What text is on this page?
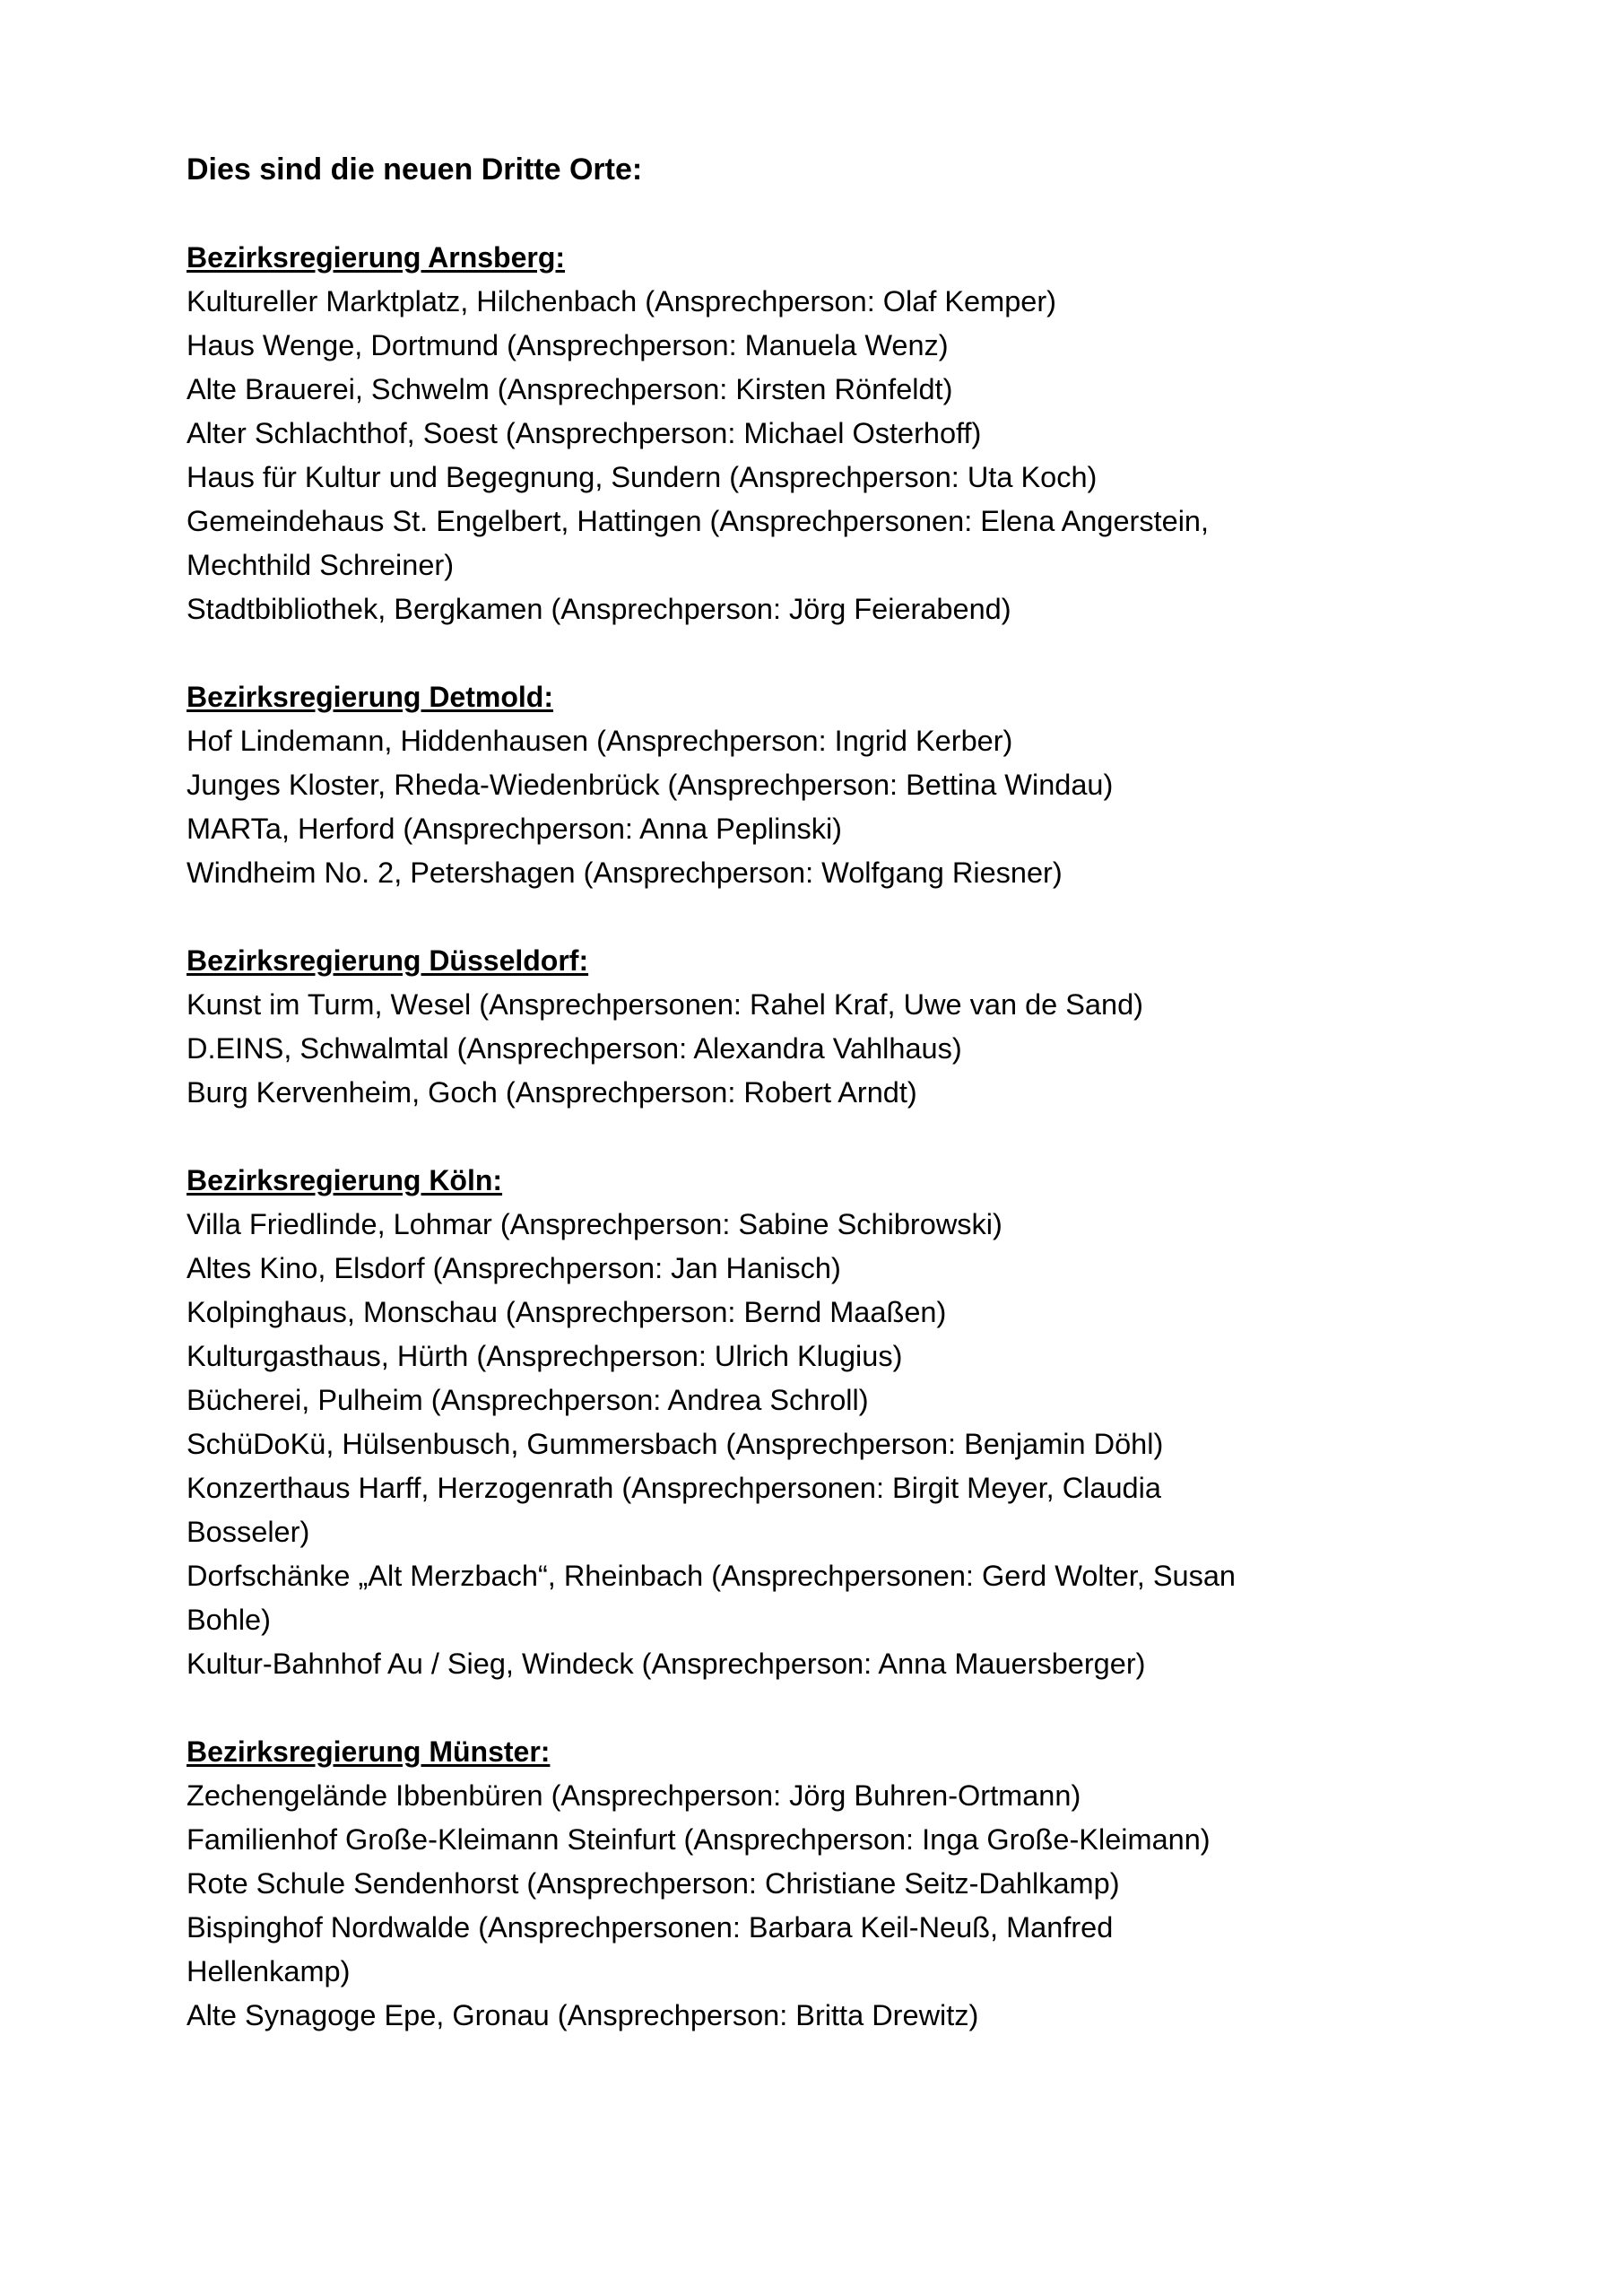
Dies sind die neuen Dritte Orte:

Bezirksregierung Arnsberg:

Kultureller Marktplatz, Hilchenbach (Ansprechperson: Olaf Kemper)

Haus Wenge, Dortmund (Ansprechperson: Manuela Wenz)

Alte Brauerei, Schwelm (Ansprechperson: Kirsten Rönfeldt)

Alter Schlachthof, Soest (Ansprechperson: Michael Osterhoff)

Haus für Kultur und Begegnung, Sundern (Ansprechperson: Uta Koch)

Gemeindehaus St. Engelbert, Hattingen (Ansprechpersonen: Elena Angerstein, Mechthild Schreiner)

Stadtbibliothek, Bergkamen (Ansprechperson: Jörg Feierabend)

Bezirksregierung Detmold:

Hof Lindemann, Hiddenhausen (Ansprechperson: Ingrid Kerber)

Junges Kloster, Rheda-Wiedenbrück (Ansprechperson: Bettina Windau)

MARTa, Herford (Ansprechperson: Anna Peplinski)

Windheim No. 2, Petershagen (Ansprechperson: Wolfgang Riesner)

Bezirksregierung Düsseldorf:

Kunst im Turm, Wesel (Ansprechpersonen: Rahel Kraf, Uwe van de Sand)

D.EINS, Schwalmtal (Ansprechperson: Alexandra Vahlhaus)

Burg Kervenheim, Goch (Ansprechperson: Robert Arndt)

Bezirksregierung Köln:

Villa Friedlinde, Lohmar (Ansprechperson: Sabine Schibrowski)

Altes Kino, Elsdorf (Ansprechperson: Jan Hanisch)

Kolpinghaus, Monschau (Ansprechperson: Bernd Maaßen)

Kulturgasthaus, Hürth (Ansprechperson: Ulrich Klugius)

Bücherei, Pulheim (Ansprechperson: Andrea Schroll)

SchüDoKü, Hülsenbusch, Gummersbach (Ansprechperson: Benjamin Döhl)

Konzerthaus Harff, Herzogenrath (Ansprechpersonen: Birgit Meyer, Claudia Bosseler)

Dorfschänke „Alt Merzbach“, Rheinbach (Ansprechpersonen: Gerd Wolter, Susan Bohle)

Kultur-Bahnhof Au / Sieg, Windeck (Ansprechperson: Anna Mauersberger)

Bezirksregierung Münster:

Zechengelände Ibbenbüren (Ansprechperson: Jörg Buhren-Ortmann)

Familienhof Große-Kleimann Steinfurt (Ansprechperson: Inga Große-Kleimann)

Rote Schule Sendenhorst (Ansprechperson: Christiane Seitz-Dahlkamp)

Bispinghof Nordwalde (Ansprechpersonen: Barbara Keil-Neuß, Manfred Hellenkamp)

Alte Synagoge Epe, Gronau (Ansprechperson: Britta Drewitz)
